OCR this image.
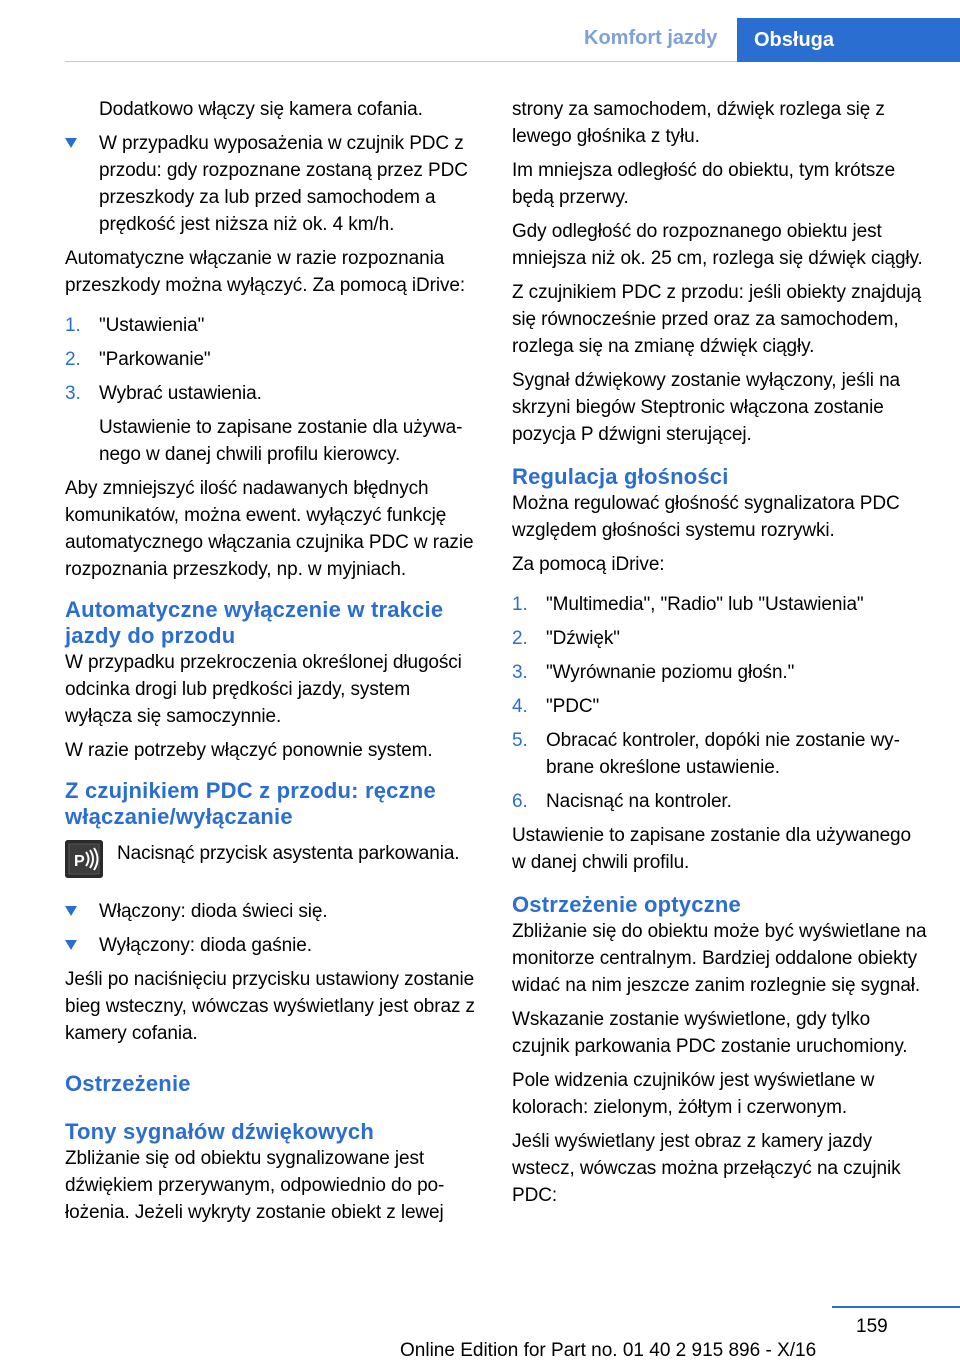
Komfort jazdy	Obsługa

Dodatkowo włączy się kamera cofania.

W przypadku wyposażenia w czujnik PDC z przodu: gdy rozpoznane zostaną przez PDC przeszkody za lub przed samochodem a prędkość jest niższa niż ok. 4 km/h.

Automatyczne włączanie w razie rozpoznania przeszkody można wyłączyć. Za pomocą iDrive:

1. "Ustawienia"
2. "Parkowanie"
3. Wybrać ustawienia.

Ustawienie to zapisane zostanie dla używanego w danej chwili profilu kierowcy.

Aby zmniejszyć ilość nadawanych błędnych komunikatów, można ewent. wyłączyć funkcję automatycznego włączania czujnika PDC w razie rozpoznania przeszkody, np. w myjniach.

Automatyczne wyłączenie w trakcie jazdy do przodu

W przypadku przekroczenia określonej długości odcinka drogi lub prędkości jazdy, system wyłącza się samoczynnie.

W razie potrzeby włączyć ponownie system.

Z czujnikiem PDC z przodu: ręczne włączanie/wyłączanie
P Nacisnąć przycisk asystenta parkowania.
Włączony: dioda świeci się.
Wyłączony: dioda gaśnie.

Jeśli po naciśnięciu przycisku ustawiony zostanie bieg wsteczny, wówczas wyświetlany jest obraz z kamery cofania.

Ostrzeżenie
Tony sygnałów dźwiękowych

Zbliżanie się od obiektu sygnalizowane jest dźwiękiem przerywanym, odpowiednio do położenia. Jeżeli wykryty zostanie obiekt z lewej

strony za samochodem, dźwięk rozlega się z lewego głośnika z tyłu.

Im mniejsza odległość do obiektu, tym krótsze będą przerwy.

Gdy odległość do rozpoznanego obiektu jest mniejsza niż ok. 25 cm, rozlega się dźwięk ciągły.

Z czujnikiem PDC z przodu: jeśli obiekty znajdują się równocześnie przed oraz za samochodem, rozlega się na zmianę dźwięk ciągły.

Sygnał dźwiękowy zostanie wyłączony, jeśli na skrzyni biegów Steptronic włączona zostanie pozycja P dźwigni sterującej.

Regulacja głośności

Można regulować głośność sygnalizatora PDC względem głośności systemu rozrywki.

Za pomocą iDrive:

1. "Multimedia", "Radio" lub "Ustawienia"
2. "Dźwięk"
3. "Wyrównanie poziomu głośn."
4. "PDC"
5. Obracać kontroler, dopóki nie zostanie wybrane określone ustawienie.
6. Nacisnąć na kontroler.

Ustawienie to zapisane zostanie dla używanego w danej chwili profilu.

Ostrzeżenie optyczne

Zbliżanie się do obiektu może być wyświetlane na monitorze centralnym. Bardziej oddalone obiekty widać na nim jeszcze zanim rozlegnie się sygnał.

Wskazanie zostanie wyświetlone, gdy tylko czujnik parkowania PDC zostanie uruchomiony.

Pole widzenia czujników jest wyświetlane w kolorach: zielonym, żółtym i czerwonym.

Jeśli wyświetlany jest obraz z kamery jazdy wstecz, wówczas można przełączyć na czujnik PDC:

159
Online Edition for Part no. 01 40 2 915 896 - X/16
